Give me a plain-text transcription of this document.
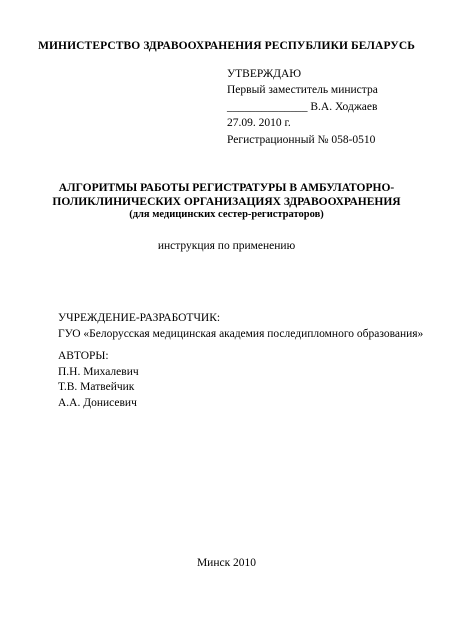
МИНИСТЕРСТВО ЗДРАВООХРАНЕНИЯ РЕСПУБЛИКИ БЕЛАРУСЬ
УТВЕРЖДАЮ
Первый заместитель министра
______________ В.А. Ходжаев
27.09. 2010 г.
Регистрационный № 058-0510
АЛГОРИТМЫ РАБОТЫ РЕГИСТРАТУРЫ В АМБУЛАТОРНО-
ПОЛИКЛИНИЧЕСКИХ ОРГАНИЗАЦИЯХ ЗДРАВООХРАНЕНИЯ
(для медицинских сестер-регистраторов)
инструкция по применению
УЧРЕЖДЕНИЕ-РАЗРАБОТЧИК:
ГУО «Белорусская медицинская академия последипломного образования»
АВТОРЫ:
П.Н. Михалевич
Т.В. Матвейчик
А.А. Донисевич
Минск 2010
